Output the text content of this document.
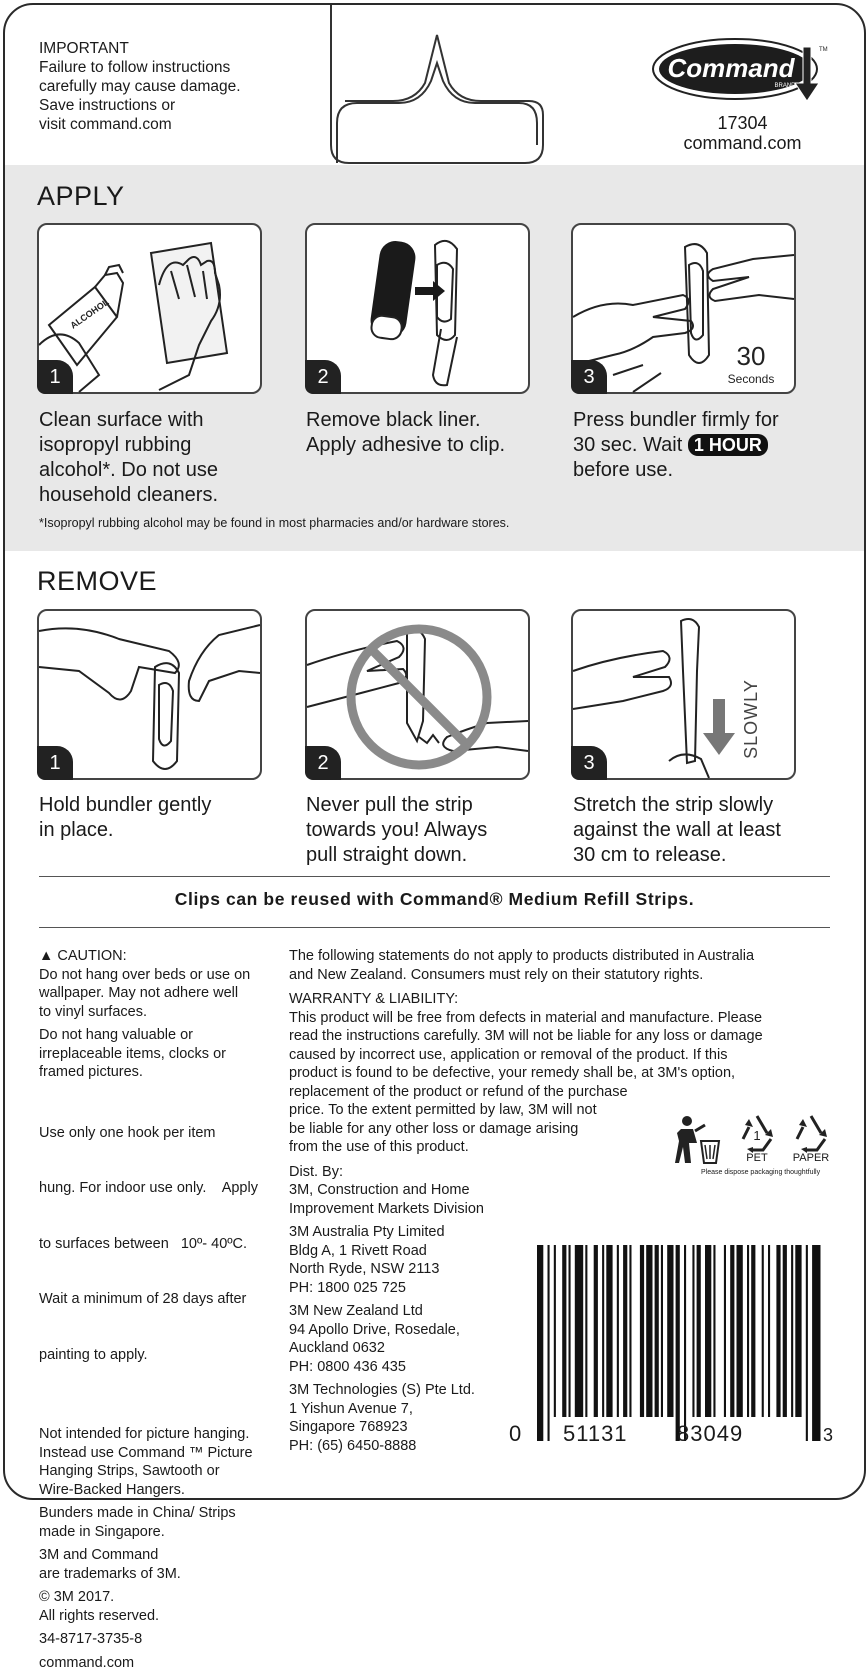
IMPORTANT
Failure to follow instructions
carefully may cause damage.
Save instructions or
visit command.com
Command
BRAND
TM
17304
command.com
APPLY
ALCOHOL
1	2
30
Seconds
3
Clean surface with
isopropyl rubbing
alcohol*. Do not use
household cleaners.
Remove black liner.
Apply adhesive to clip.
Press bundler firmly for
30 sec. Wait 1 HOUR
before use.
*Isopropyl rubbing alcohol may be found in most pharmacies and/or hardware stores.
REMOVE
1	2
SLOWLY
3
Hold bundler gently
in place.
Never pull the strip
towards you! Always
pull straight down.
Stretch the strip slowly
against the wall at least
30 cm to release.
Clips can be reused with Command® Medium Refill Strips.
▲ CAUTION:
Do not hang over beds or use on
wallpaper. May not adhere well
to vinyl surfaces.
Do not hang valuable or
irreplaceable items, clocks or
framed pictures.

Use only one hook per item

hung. For indoor use only.    Apply

to surfaces between   10º- 40ºC.

Wait a minimum of 28 days after

painting to apply.

Not intended for picture hanging.
Instead use Command ™ Picture
Hanging Strips, Sawtooth or
Wire-Backed Hangers.
Bunders made in China/ Strips
made in Singapore.
3M and Command
are trademarks of 3M.
© 3M 2017.
All rights reserved.
34-8717-3735-8
command.com
The following statements do not apply to products distributed in Australia
and New Zealand. Consumers must rely on their statutory rights.
WARRANTY & LIABILITY:
This product will be free from defects in material and manufacture. Please
read the instructions carefully. 3M will not be liable for any loss or damage
caused by incorrect use, application or removal of the product. If this
product is found to be defective, your remedy shall be, at 3M's option,
replacement of the product or refund of the purchase
price. To the extent permitted by law, 3M will not
be liable for any other loss or damage arising
from the use of this product.
Dist. By:
3M, Construction and Home
Improvement Markets Division
3M Australia Pty Limited
Bldg A, 1 Rivett Road
North Ryde, NSW 2113
PH: 1800 025 725
3M New Zealand Ltd
94 Apollo Drive, Rosedale,
Auckland 0632
PH: 0800 436 435
3M Technologies (S) Pte Ltd.
1 Yishun Avenue 7,
Singapore 768923
PH: (65) 6450-8888
1
PET	PAPER
Please dispose packaging thoughtfully
0 51131 83049	3
